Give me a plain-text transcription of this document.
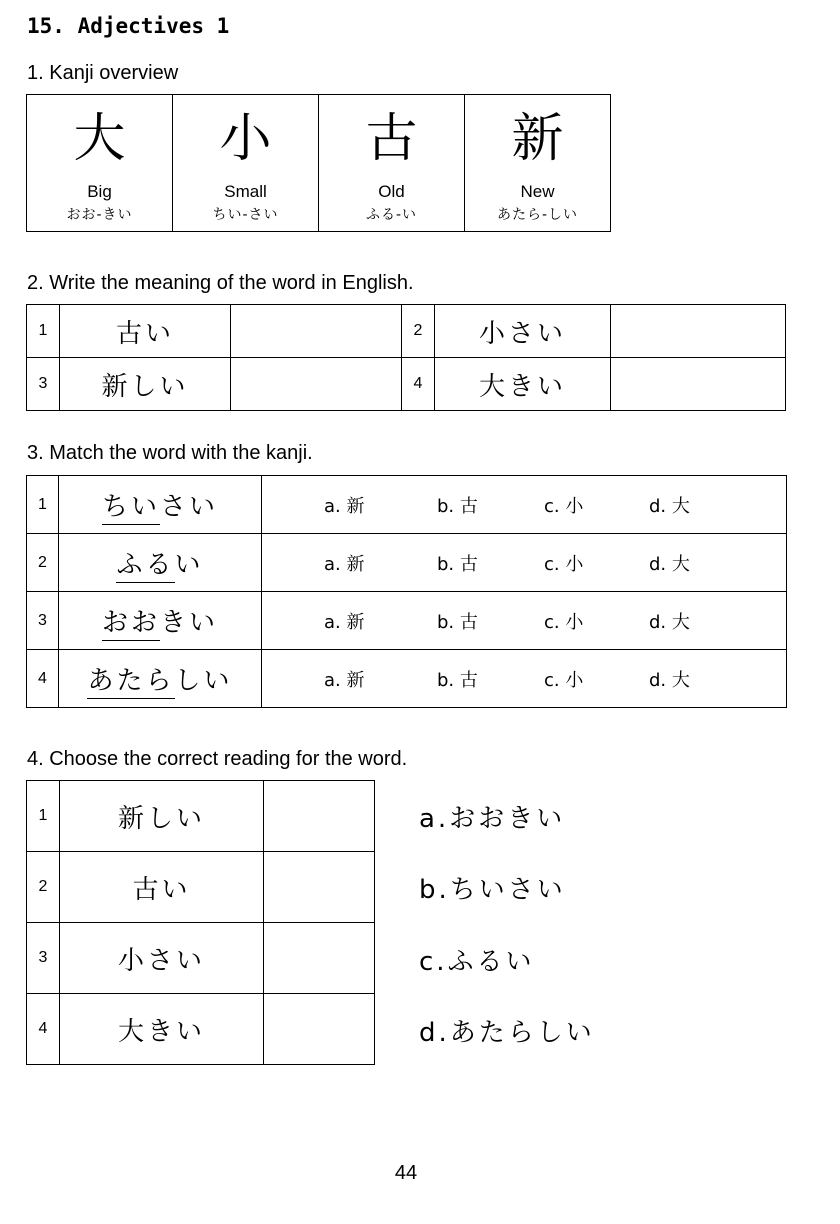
15. Adjectives 1
1. Kanji overview
大
Big
おお-きい

小
Small
ちい-さい

古
Old
ふる-い

新
New
あたら-しい
2. Write the meaning of the word in English.
1	古い		2	小さい	
3	新しい		4	大きい	
3. Match the word with the kanji.
1	ちいさい	a. 新 b. 古 c. 小 d. 大

2	ふるい	a. 新 b. 古 c. 小 d. 大

3	おおきい	a. 新 b. 古 c. 小 d. 大

4	あたらしい	a. 新 b. 古 c. 小 d. 大
4. Choose the correct reading for the word.
1	新しい	
2	古い	
3	小さい	
4	大きい	
a.おおきい
b.ちいさい
c.ふるい
d.あたらしい
44
